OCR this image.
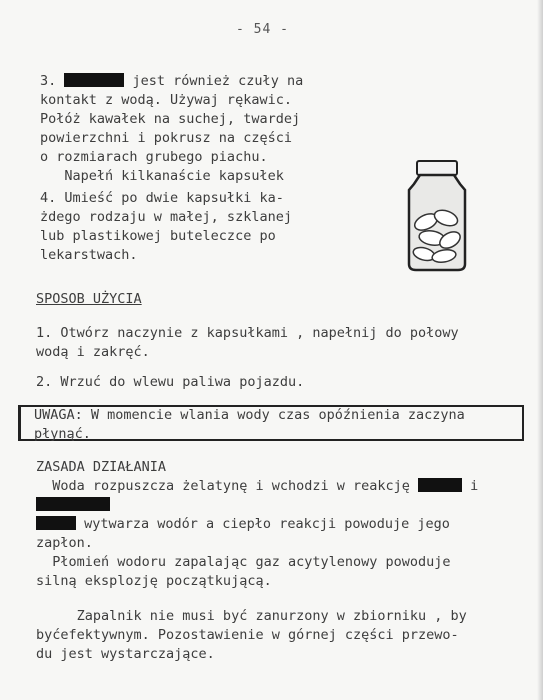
- 54 -
3.	jest również czuły na
kontakt z wodą. Używaj rękawic.
Połóż kawałek na suchej, twardej
powierzchni i pokrusz na części
o rozmiarach grubego piachu.
Napełń kilkanaście kapsułek
4. Umieść po dwie kapsułki ka-
żdego rodzaju w małej, szklanej
lub plastikowej buteleczce po
lekarstwach.
SPOSOB UŻYCIA
1. Otwórz naczynie z kapsułkami , napełnij do połowy
wodą i zakręć.
2. Wrzuć do wlewu paliwa pojazdu.
UWAGA: W momencie wlania wody czas opóźnienia zaczyna
płynąć.
ZASADA DZIAŁANIA
Woda rozpuszcza żelatynę i wchodzi w reakcję	i

wytwarza wodór a ciepło reakcji powoduje jego
zapłon.
Płomień wodoru zapalając gaz acytylenowy powoduje
silną eksplozję początkującą.
Zapalnik nie musi być zanurzony w zbiorniku , by
byćefektywnym. Pozostawienie w górnej części przewo-
du jest wystarczające.
